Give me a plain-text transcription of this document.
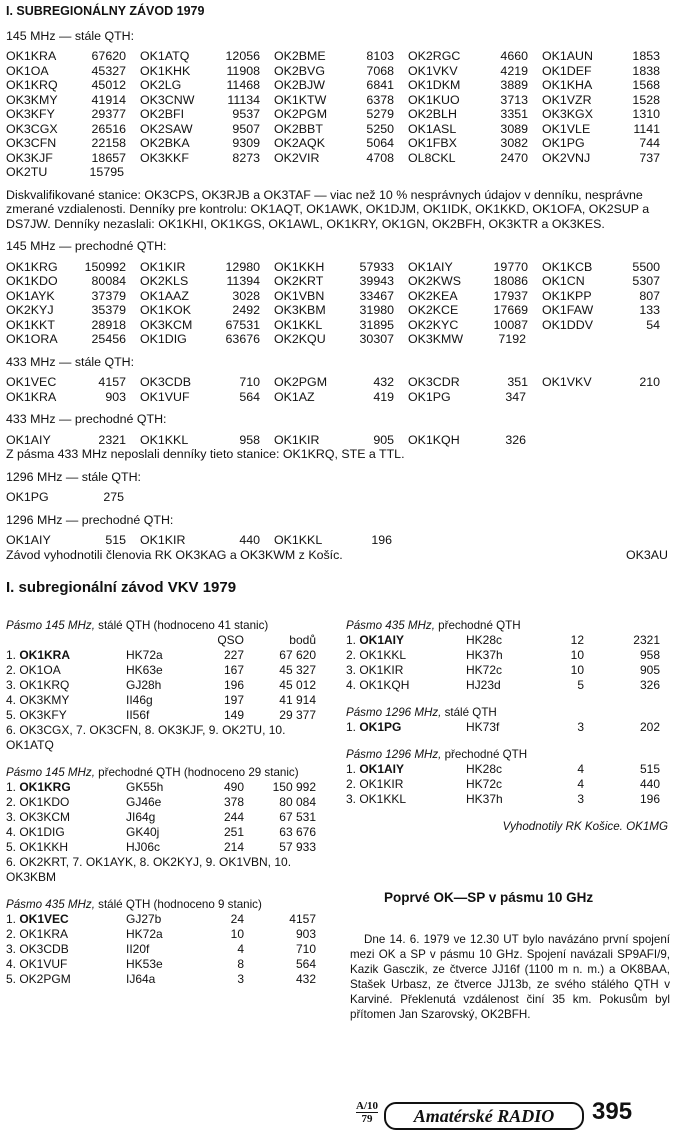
I. SUBREGIONÁLNY ZÁVOD 1979
145 MHz — stále QTH:
OK1KRA	67620 OK1ATQ	12056 OK2BME	8103 OK2RGC	4660 OK1AUN	1853
OK1OA	45327 OK1KHK	11908 OK2BVG	7068 OK1VKV	4219 OK1DEF	1838
OK1KRQ	45012 OK2LG	11468 OK2BJW	6841 OK1DKM	3889 OK1KHA	1568
OK3KMY	41914 OK3CNW	11134 OK1KTW	6378 OK1KUO	3713 OK1VZR	1528
OK3KFY	29377 OK2BFI	9537 OK2PGM	5279 OK2BLH	3351 OK3KGX	1310
OK3CGX	26516 OK2SAW	9507 OK2BBT	5250 OK1ASL	3089 OK1VLE	1141
OK3CFN	22158 OK2BKA	9309 OK2AQK	5064 OK1FBX	3082 OK1PG	744
OK3KJF	18657 OK3KKF	8273 OK2VIR	4708 OL8CKL	2470 OK2VNJ	737
OK2TU	15795
Diskvalifikované stanice: OK3CPS, OK3RJB a OK3TAF — viac než 10 % nesprávnych údajov v denníku, nesprávne zmerané vzdialenosti. Denníky pre kontrolu: OK1AQT, OK1AWK, OK1DJM, OK1IDK, OK1KKD, OK1OFA, OK2SUP a DS7JW. Denníky nezaslali: OK1KHI, OK1KGS, OK1AWL, OK1KRY, OK1GN, OK2BFH, OK3KTR a OK3KES.
145 MHz — prechodné QTH:
OK1KRG	150992 OK1KIR	12980 OK1KKH	57933 OK1AIY	19770 OK1KCB	5500
OK1KDO	80084 OK2KLS	11394 OK2KRT	39943 OK2KWS	18086 OK1CN	5307
OK1AYK	37379 OK1AAZ	3028 OK1VBN	33467 OK2KEA	17937 OK1KPP	807
OK2KYJ	35379 OK1KOK	2492 OK3KBM	31980 OK2KCE	17669 OK1FAW	133
OK1KKT	28918 OK3KCM	67531 OK1KKL	31895 OK2KYC	10087 OK1DDV	54
OK1ORA	25456 OK1DIG	63676 OK2KQU	30307 OK3KMW	7192
433 MHz — stále QTH:
OK1VEC	4157 OK3CDB	710 OK2PGM	432 OK3CDR	351 OK1VKV	210
OK1KRA	903 OK1VUF	564 OK1AZ	419 OK1PG	347
433 MHz — prechodné QTH:
OK1AIY	2321 OK1KKL	958 OK1KIR	905 OK1KQH	326
Z pásma 433 MHz neposlali denníky tieto stanice: OK1KRQ, STE a TTL.
1296 MHz — stále QTH:
OK1PG	275
1296 MHz — prechodné QTH:
OK1AIY	515 OK1KIR	440 OK1KKL	196
Závod vyhodnotili členovia RK OK3KAG a OK3KWM z Košíc.	OK3AU
I. subregionální závod VKV 1979
Pásmo 145 MHz, stálé QTH (hodnoceno 41 stanic)
QSO	bodů
1. OK1KRA	HK72a	227	67 620
2. OK1OA	HK63e	167	45 327
3. OK1KRQ	GJ28h	196	45 012
4. OK3KMY	II46g	197	41 914
5. OK3KFY	II56f	149	29 377
6. OK3CGX, 7. OK3CFN, 8. OK3KJF, 9. OK2TU, 10. OK1ATQ
Pásmo 145 MHz, přechodné QTH (hodnoceno 29 stanic)
1. OK1KRG	GK55h	490	150 992
2. OK1KDO	GJ46e	378	80 084
3. OK3KCM	JI64g	244	67 531
4. OK1DIG	GK40j	251	63 676
5. OK1KKH	HJ06c	214	57 933
6. OK2KRT, 7. OK1AYK, 8. OK2KYJ, 9. OK1VBN, 10. OK3KBM
Pásmo 435 MHz, stálé QTH (hodnoceno 9 stanic)
1. OK1VEC	GJ27b	24	4157
2. OK1KRA	HK72a	10	903
3. OK3CDB	II20f	4	710
4. OK1VUF	HK53e	8	564
5. OK2PGM	IJ64a	3	432
Pásmo 435 MHz, přechodné QTH
1. OK1AIY	HK28c	12	2321
2. OK1KKL	HK37h	10	958
3. OK1KIR	HK72c	10	905
4. OK1KQH	HJ23d	5	326
Pásmo 1296 MHz, stálé QTH
1. OK1PG	HK73f	3	202
Pásmo 1296 MHz, přechodné QTH
1. OK1AIY	HK28c	4	515
2. OK1KIR	HK72c	4	440
3. OK1KKL	HK37h	3	196
Vyhodnotily RK Košice. OK1MG
Poprvé OK—SP v pásmu 10 GHz
Dne 14. 6. 1979 ve 12.30 UT bylo navázáno první spojení mezi OK a SP v pásmu 10 GHz. Spojení navázali SP9AFI/9, Kazik Gasczik, ze čtverce JJ16f (1100 m n. m.) a OK8BAA, Stašek Urbasz, ze čtverce JJ13b, ze svého stálého QTH v Karviné. Překlenutá vzdálenost činí 35 km. Pokusům byl přítomen Jan Szarovský, OK2BFH.
A/10
79	Amatérské RADIO	395
